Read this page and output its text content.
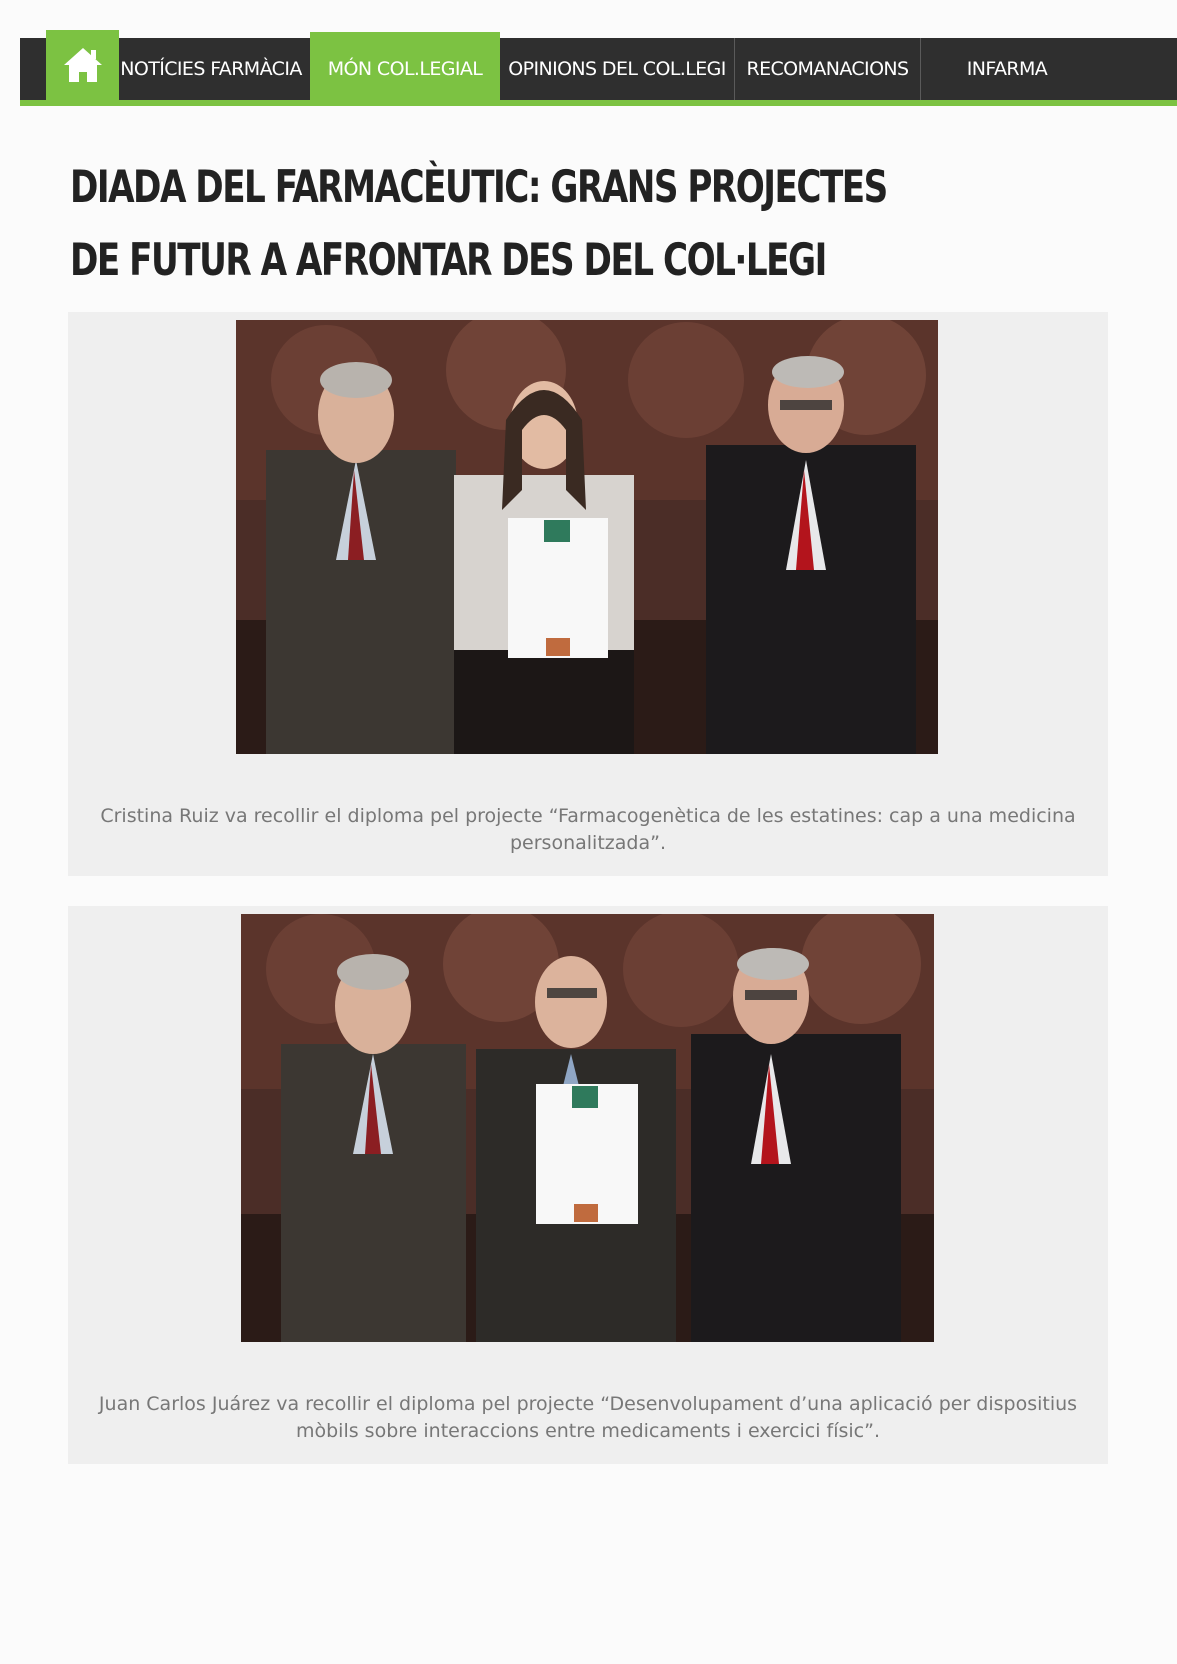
NOTÍCIES FARMÀCIA	MÓN COL.LEGIAL	OPINIONS DEL COL.LEGI	RECOMANACIONS	INFARMA
DIADA DEL FARMACÈUTIC: GRANS PROJECTES DE FUTUR A AFRONTAR DES DEL COL·LEGI

Cristina Ruiz va recollir el diploma pel projecte “Farmacogenètica de les estatines: cap a una medicina personalitzada”.

Juan Carlos Juárez va recollir el diploma pel projecte “Desenvolupament d’una aplicació per dispositius mòbils sobre interaccions entre medicaments i exercici físic”.
